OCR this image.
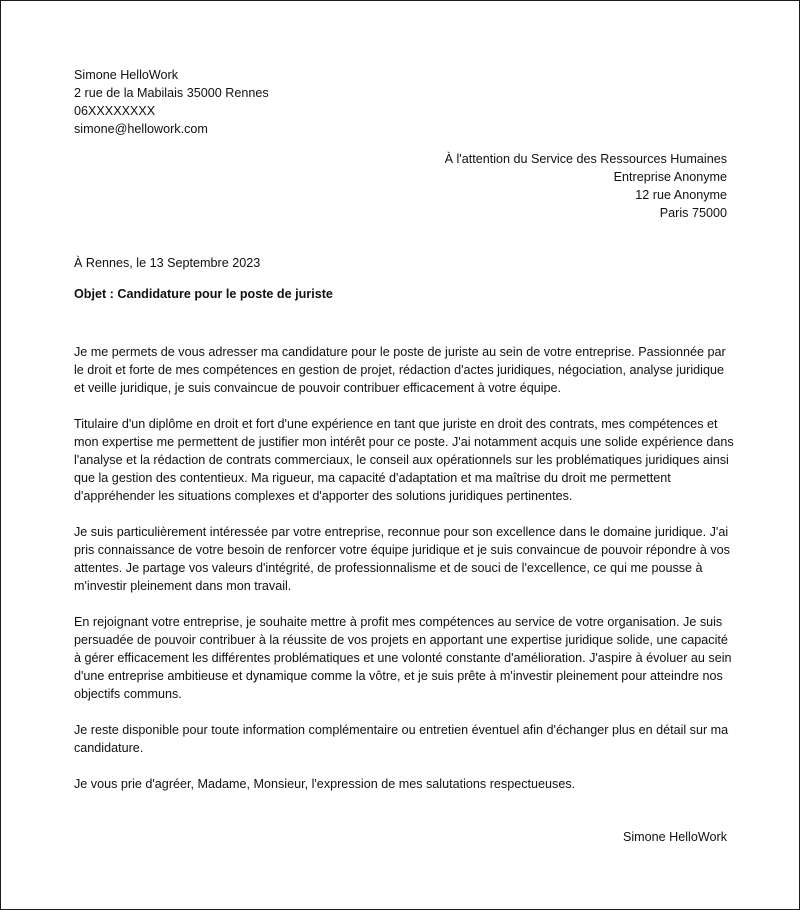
Simone HelloWork
2 rue de la Mabilais 35000 Rennes
06XXXXXXXX
simone@hellowork.com
À l'attention du Service des Ressources Humaines
Entreprise Anonyme
12 rue Anonyme
Paris 75000
À Rennes, le 13 Septembre 2023
Objet : Candidature pour le poste de juriste

Je me permets de vous adresser ma candidature pour le poste de juriste au sein de votre entreprise. Passionnée par le droit et forte de mes compétences en gestion de projet, rédaction d'actes juridiques, négociation, analyse juridique et veille juridique, je suis convaincue de pouvoir contribuer efficacement à votre équipe.

Titulaire d'un diplôme en droit et fort d'une expérience en tant que juriste en droit des contrats, mes compétences et mon expertise me permettent de justifier mon intérêt pour ce poste. J'ai notamment acquis une solide expérience dans l'analyse et la rédaction de contrats commerciaux, le conseil aux opérationnels sur les problématiques juridiques ainsi que la gestion des contentieux. Ma rigueur, ma capacité d'adaptation et ma maîtrise du droit me permettent d'appréhender les situations complexes et d'apporter des solutions juridiques pertinentes.

Je suis particulièrement intéressée par votre entreprise, reconnue pour son excellence dans le domaine juridique. J'ai pris connaissance de votre besoin de renforcer votre équipe juridique et je suis convaincue de pouvoir répondre à vos attentes. Je partage vos valeurs d'intégrité, de professionnalisme et de souci de l'excellence, ce qui me pousse à m'investir pleinement dans mon travail.

En rejoignant votre entreprise, je souhaite mettre à profit mes compétences au service de votre organisation. Je suis persuadée de pouvoir contribuer à la réussite de vos projets en apportant une expertise juridique solide, une capacité à gérer efficacement les différentes problématiques et une volonté constante d'amélioration. J'aspire à évoluer au sein d'une entreprise ambitieuse et dynamique comme la vôtre, et je suis prête à m'investir pleinement pour atteindre nos objectifs communs.

Je reste disponible pour toute information complémentaire ou entretien éventuel afin d'échanger plus en détail sur ma candidature.

Je vous prie d'agréer, Madame, Monsieur, l'expression de mes salutations respectueuses.

Simone HelloWork
